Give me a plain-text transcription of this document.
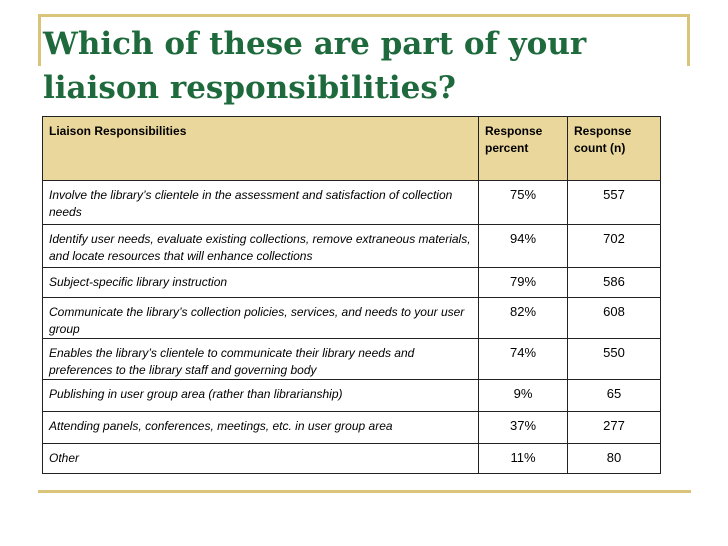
Which of these are part of your liaison responsibilities?
Liaison Responsibilities	Response percent	Response count (n)
Involve the library’s clientele in the assessment and satisfaction of collection needs	75%	557
Identify user needs, evaluate existing collections, remove extraneous materials, and locate resources that will enhance collections	94%	702
Subject-specific library instruction	79%	586
Communicate the library’s collection policies, services, and needs to your user group	82%	608
Enables the library’s clientele to communicate their library needs and preferences to the library staff and governing body	74%	550
Publishing in user group area (rather than librarianship)	9%	65
Attending panels, conferences, meetings, etc. in user group area	37%	277
Other	11%	80
